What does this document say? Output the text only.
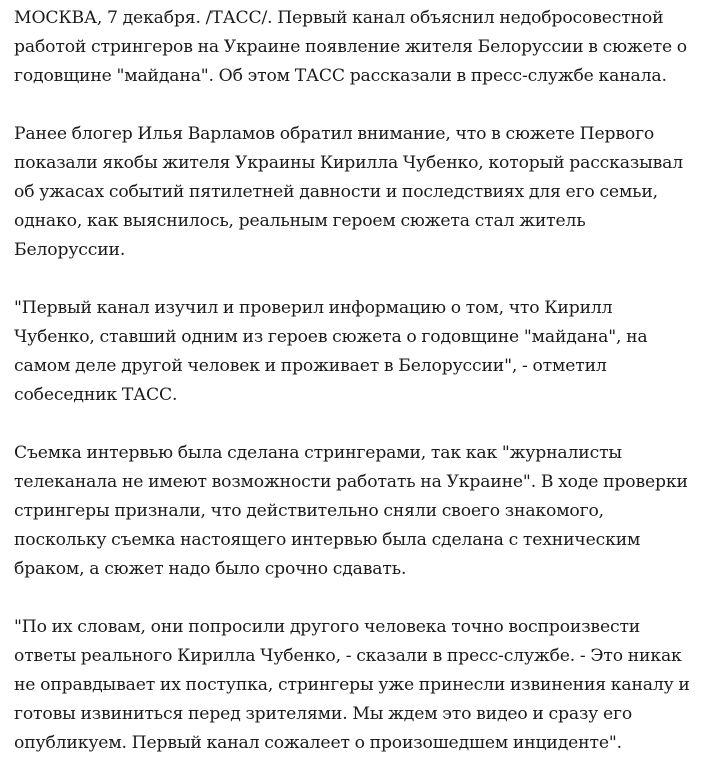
МОСКВА, 7 декабря. /ТАСС/. Первый канал объяснил недобросовестной работой стрингеров на Украине появление жителя Белоруссии в сюжете о годовщине "майдана". Об этом ТАСС рассказали в пресс-службе канала.

Ранее блогер Илья Варламов обратил внимание, что в сюжете Первого показали якобы жителя Украины Кирилла Чубенко, который рассказывал об ужасах событий пятилетней давности и последствиях для его семьи, однако, как выяснилось, реальным героем сюжета стал житель Белоруссии.

"Первый канал изучил и проверил информацию о том, что Кирилл Чубенко, ставший одним из героев сюжета о годовщине "майдана", на самом деле другой человек и проживает в Белоруссии", - отметил собеседник ТАСС.

Съемка интервью была сделана стрингерами, так как "журналисты телеканала не имеют возможности работать на Украине". В ходе проверки стрингеры признали, что действительно сняли своего знакомого, поскольку съемка настоящего интервью была сделана с техническим браком, а сюжет надо было срочно сдавать.

"По их словам, они попросили другого человека точно воспроизвести ответы реального Кирилла Чубенко, - сказали в пресс-службе. - Это никак не оправдывает их поступка, стрингеры уже принесли извинения каналу и готовы извиниться перед зрителями. Мы ждем это видео и сразу его опубликуем. Первый канал сожалеет о произошедшем инциденте".
